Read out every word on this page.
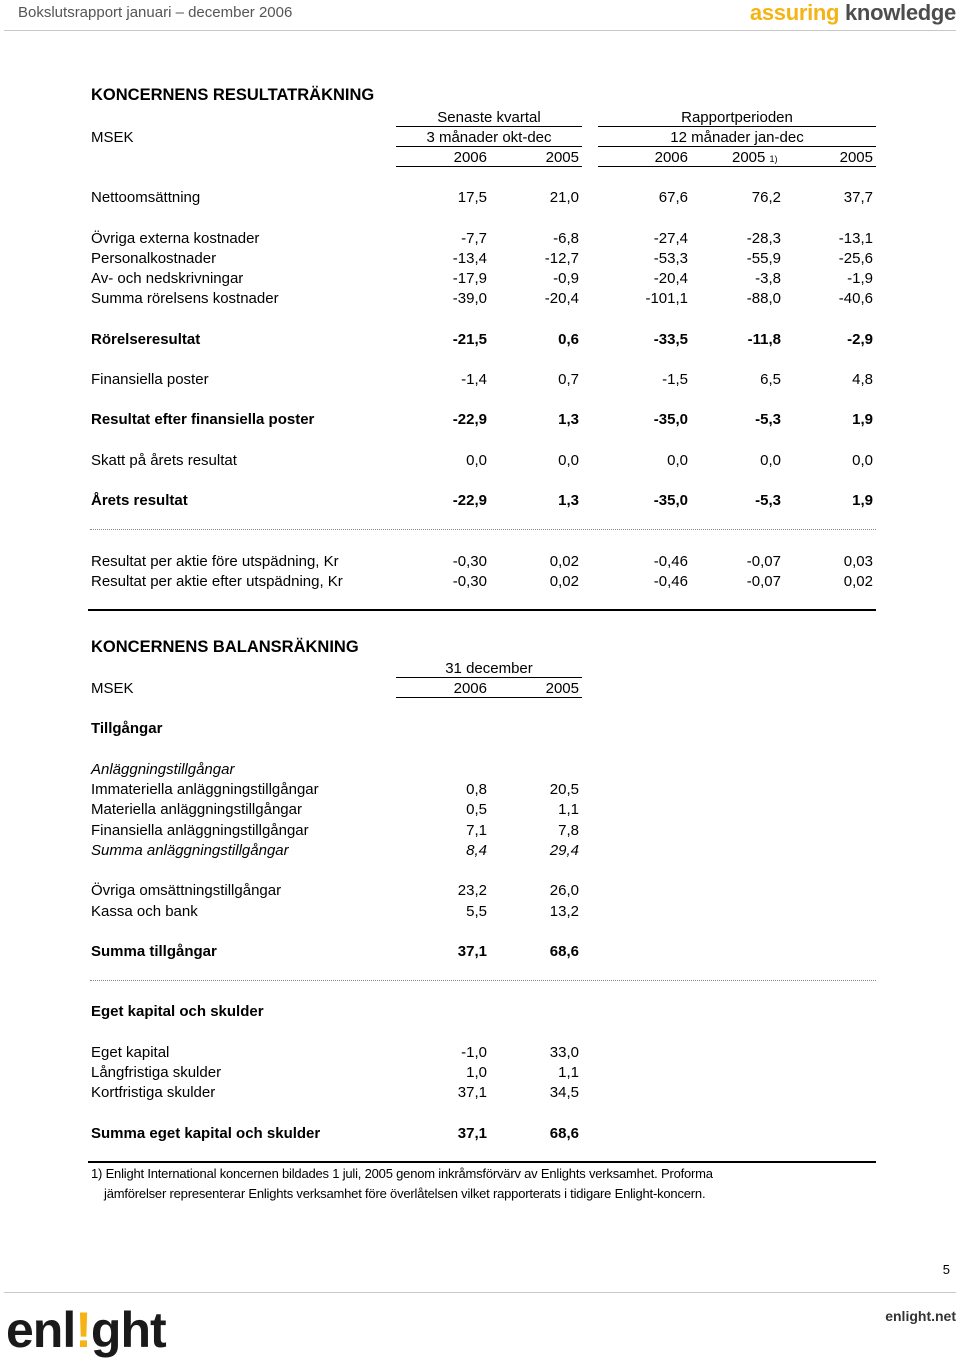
Bokslutsrapport januari – december 2006	assuring knowledge
KONCERNENS RESULTATRÄKNING
Senaste kvartal	Rapportperioden
MSEK	3 månader okt-dec	12 månader jan-dec
2006	2005	2006	2005 1)	2005
Nettoomsättning	17,5	21,0	67,6	76,2	37,7
Övriga externa kostnader	-7,7	-6,8	-27,4	-28,3	-13,1
Personalkostnader	-13,4	-12,7	-53,3	-55,9	-25,6
Av- och nedskrivningar	-17,9	-0,9	-20,4	-3,8	-1,9
Summa rörelsens kostnader	-39,0	-20,4	-101,1	-88,0	-40,6
Rörelseresultat	-21,5	0,6	-33,5	-11,8	-2,9
Finansiella poster	-1,4	0,7	-1,5	6,5	4,8
Resultat efter finansiella poster	-22,9	1,3	-35,0	-5,3	1,9
Skatt på årets resultat	0,0	0,0	0,0	0,0	0,0
Årets resultat	-22,9	1,3	-35,0	-5,3	1,9
Resultat per aktie före utspädning, Kr	-0,30	0,02	-0,46	-0,07	0,03
Resultat per aktie efter utspädning, Kr	-0,30	0,02	-0,46	-0,07	0,02
KONCERNENS BALANSRÄKNING
31 december
MSEK	2006	2005
Tillgångar
Anläggningstillgångar
Eget kapital och skulder
Immateriella anläggningstillgångar	0,8	20,5
Materiella anläggningstillgångar	0,5	1,1
Finansiella anläggningstillgångar	7,1	7,8
Summa anläggningstillgångar	8,4	29,4
Övriga omsättningstillgångar	23,2	26,0
Kassa och bank	5,5	13,2
Summa tillgångar	37,1	68,6
Eget kapital	-1,0	33,0
Långfristiga skulder	1,0	1,1
Kortfristiga skulder	37,1	34,5
Summa eget kapital och skulder	37,1	68,6
1) Enlight International koncernen bildades 1 juli, 2005 genom inkråmsförvärv av Enlights verksamhet. Proforma
jämförelser representerar Enlights verksamhet före överlåtelsen vilket rapporterats i tidigare Enlight-koncern.
5
enl!ght	enlight.net
